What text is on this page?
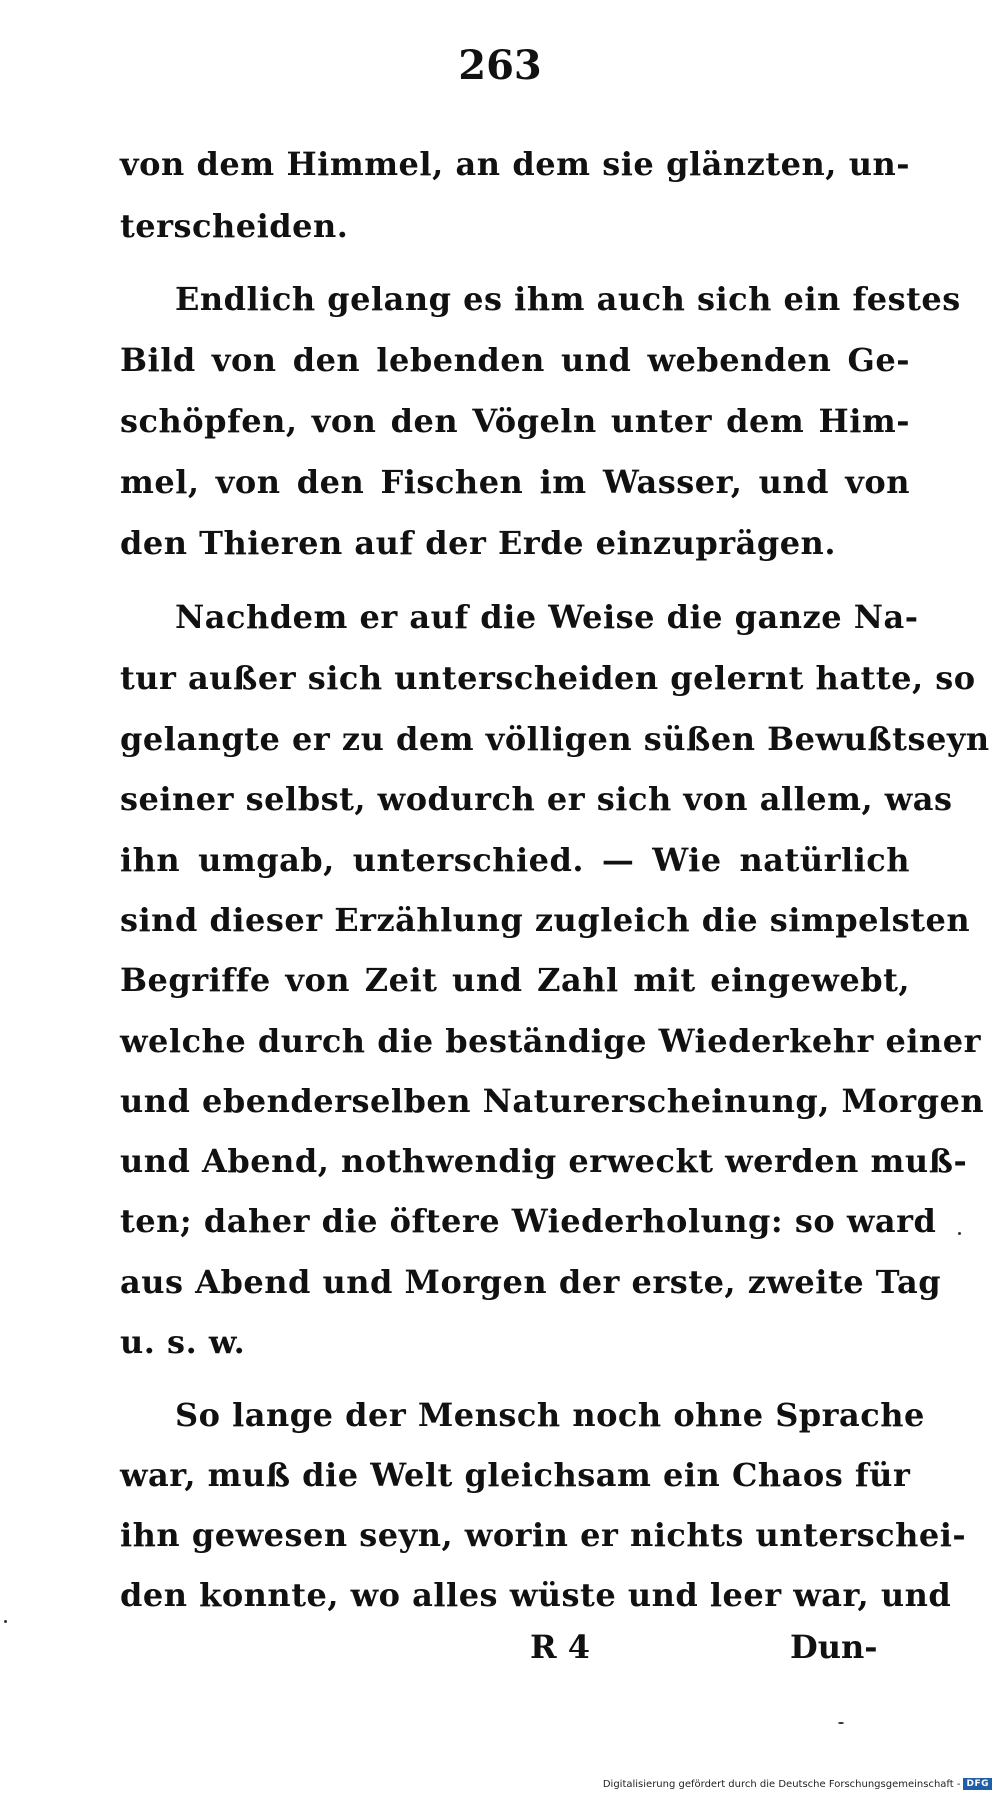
263
von dem Himmel, an dem sie glänzten, un-
terscheiden.
Endlich gelang es ihm auch sich ein festes
Bild von den lebenden und webenden Ge-
schöpfen, von den Vögeln unter dem Him-
mel, von den Fischen im Wasser, und von
den Thieren auf der Erde einzuprägen.
Nachdem er auf die Weise die ganze Na-
tur außer sich unterscheiden gelernt hatte, so
gelangte er zu dem völligen süßen Bewußtseyn
seiner selbst, wodurch er sich von allem, was
ihn umgab, unterschied. — Wie natürlich
sind dieser Erzählung zugleich die simpelsten
Begriffe von Zeit und Zahl mit eingewebt,
welche durch die beständige Wiederkehr einer
und ebenderselben Naturerscheinung, Morgen
und Abend, nothwendig erweckt werden muß-
ten; daher die öftere Wiederholung: so ward
aus Abend und Morgen der erste, zweite Tag
u. s. w.
So lange der Mensch noch ohne Sprache
war, muß die Welt gleichsam ein Chaos für
ihn gewesen seyn, worin er nichts unterschei-
den konnte, wo alles wüste und leer war, und
R 4	Dun-
Digitalisierung gefördert durch die Deutsche Forschungsgemeinschaft - DFG
